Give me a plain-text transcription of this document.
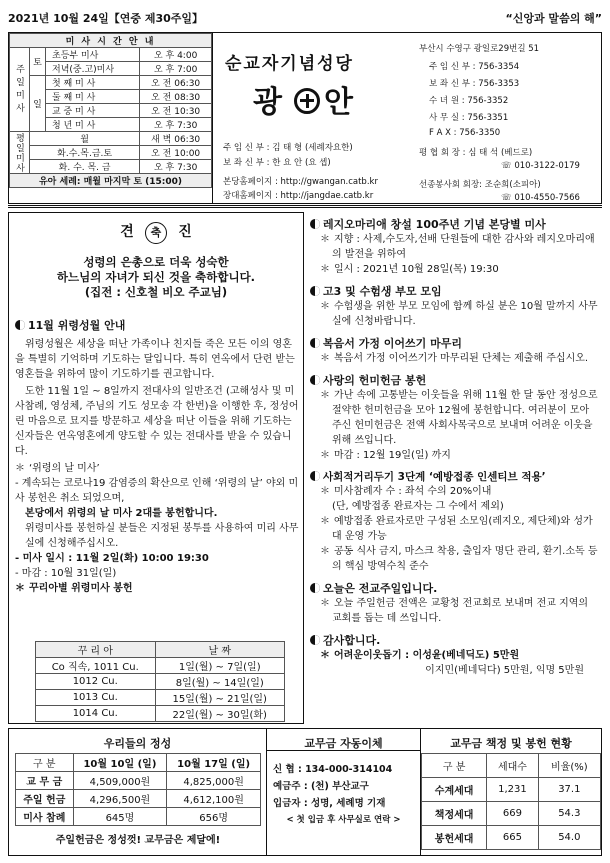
2021년 10월 24일【연중 제30주일】	“신앙과 말씀의 해”
미 사 시 간 안 내			
주일미사	토	초등부 미사	오 후 4:00
		저녁(중.고)미사	오 후 7:00
	일	첫 째 미 사	오 전 06:30
		둘 째 미 사	오 전 08:30
		교 중 미 사	오 전 10:30
		청 년 미 사	오 후 7:30
평일미사	월		새 벽 06:30
	화.수.목.금.토		오 전 10:00
	화. 수. 목. 금		오 후 7:30
유아 세례: 매월 마지막 토 (15:00)			
순교자기념성당
광 안
주 임 신 부 : 김 태 형 (세례자요한)
보 좌 신 부 : 한 요 안 (요 셉)
본당홈페이지 : http://gwangan.catb.kr
장대홈페이지 : http://jangdae.catb.kr
부산시 수영구 광일로29번길 51
주 임 신 부 : 756-3354
보 좌 신 부 : 756-3353
수 녀 원 : 756-3352
사 무 실 : 756-3351
F A X : 756-3350
평 협 회 장 : 심 태 석 (베드로)
☏ 010-3122-0179
선종봉사회 회장: 조순희(소피아)
☏ 010-4550-7566
견 축 진
성령의 은총으로 더욱 성숙한
하느님의 자녀가 되신 것을 축하합니다.
(집전 : 신호철 비오 주교님)
11월 위령성월 안내
위령성월은 세상을 떠난 가족이나 친지들 죽은 모든 이의 영혼을 특별히 기억하며 기도하는 달입니다. 특히 연옥에서 단련 받는 영혼들을 위하여 많이 기도하기를 권고합니다.
도한 11월 1일 ~ 8일까지 전대사의 일반조건 (고해성사 및 미사참례, 영성체, 주님의 기도 성모송 각 한번)을 이행한 후, 정성어린 마음으로 묘지를 방문하고 세상을 떠난 이들을 위해 기도하는 신자들은 연옥영혼에게 양도할 수 있는 전대사를 받을 수 있습니다.
＊ ‘위령의 날 미사’
- 계속되는 코로나19 감염증의 확산으로 인해 ‘위령의 날’ 야외 미사 봉헌은 취소 되었으며,
본당에서 위령의 날 미사 2대를 봉헌합니다.
위령미사를 봉헌하실 분들은 지정된 봉투를 사용하여 미리 사무실에 신청해주십시오.
- 미사 일시 : 11월 2일(화) 10:00 19:30
- 마감 : 10월 31일(일)
＊ 꾸리아별 위령미사 봉헌
꾸 리 아	날 짜
Co 직속, 1011 Cu.	1일(월) ~ 7일(일)
1012 Cu.	8일(월) ~ 14일(일)
1013 Cu.	15일(월) ~ 21일(일)
1014 Cu.	22일(월) ~ 30일(화)
레지오마리애 창설 100주년 기념 본당별 미사
＊ 지향 : 사제,수도자,선배 단원들에 대한 감사와 레지오마리애의 발전을 위하여
＊ 일시 : 2021년 10월 28일(목) 19:30
고3 및 수험생 부모 모임
＊ 수험생을 위한 부모 모임에 함께 하실 분은 10월 말까지 사무실에 신청바랍니다.
복음서 가정 이어쓰기 마무리
＊ 복음서 가정 이어쓰기가 마무리된 단체는 제출해 주십시오.
사랑의 헌미헌금 봉헌
＊ 가난 속에 고통받는 이웃들을 위해 11월 한 달 동안 정성으로 절약한 헌미헌금을 모아 12월에 봉헌합니다. 여러분이 모아 주신 헌미헌금은 전액 사회사목국으로 보내며 어려운 이웃을 위해 쓰입니다.
＊ 마감 : 12월 19일(일) 까지
사회적거리두기 3단계 ‘예방접종 인센티브 적용’
＊ 미사참례자 수 : 좌석 수의 20%이내
(단, 예방접종 완료자는 그 수에서 제외)
＊ 예방접종 완료자로만 구성된 소모임(레지오, 제단체)와 성가대 운영 가능
＊ 공동 식사 금지, 마스크 착용, 출입자 명단 관리, 환기.소독 등의 핵심 방역수칙 준수
오늘은 전교주일입니다.
＊ 오늘 주일헌금 전액은 교황청 전교회로 보내며 전교 지역의 교회를 돕는 데 쓰입니다.
감사합니다.
＊ 어려운이웃돕기 : 이성윤(베네딕도) 5만원
이지민(베네딕다) 5만원, 익명 5만원
우리들의 정성
구 분	10월 10일 (일)	10월 17일 (일)
교 무 금	4,509,000원	4,825,000원
주일 헌금	4,296,500원	4,612,100원
미사 참례	645명	656명
주일헌금은 정성껏! 교무금은 제달에!
교무금 자동이체
신 협 : 134-000-314104
예금주 : (천) 부산교구
입금자 : 성명, 세례명 기재
< 첫 입금 후 사무실로 연락 >
교무금 책정 및 봉헌 현황
구 분	세대수	비율(%)
수계세대	1,231	37.1
책정세대	669	54.3
봉헌세대	665	54.0
